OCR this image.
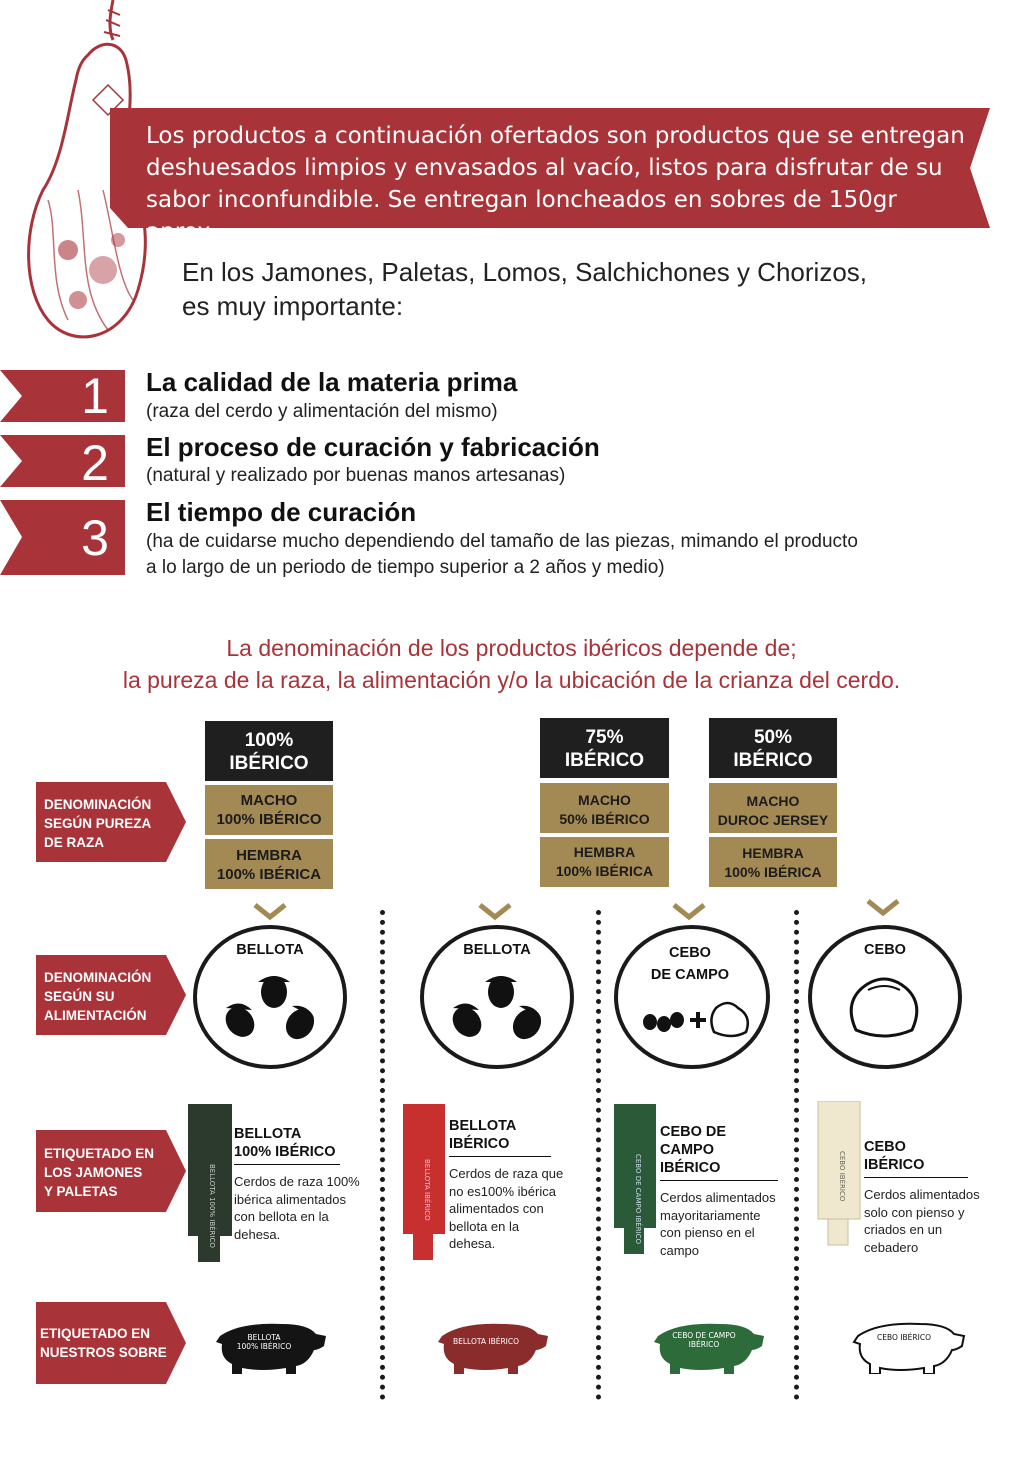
Los productos a continuación ofertados son productos que se entregan deshuesados limpios y envasados al vacío, listos para disfrutar de su sabor inconfundible. Se entregan loncheados en sobres de 150gr aprox.
En los Jamones, Paletas, Lomos, Salchichones y Chorizos,
es muy importante:
1	La calidad de la materia prima
(raza del cerdo y alimentación del mismo)
2	El proceso de curación y fabricación
(natural y realizado por buenas manos artesanas)
3	El tiempo de curación
(ha de cuidarse mucho dependiendo del tamaño de las piezas, mimando el producto
a lo largo de un periodo de tiempo superior a 2 años y medio)
La denominación de los productos ibéricos depende de;
la pureza de la raza, la alimentación y/o la ubicación de la crianza del cerdo.
DENOMINACIÓN
SEGÚN PUREZA
DE RAZA
DENOMINACIÓN
SEGÚN SU
ALIMENTACIÓN
ETIQUETADO EN
LOS JAMONES
Y PALETAS
ETIQUETADO EN
NUESTROS SOBRE
100%
IBÉRICO
MACHO
100% IBÉRICO
HEMBRA
100% IBÉRICA
75%
IBÉRICO
MACHO
50% IBÉRICO
HEMBRA
100% IBÉRICA
50%
IBÉRICO
MACHO
DUROC JERSEY
HEMBRA
100% IBÉRICA
BELLOTA	BELLOTA	CEBO
DE CAMPO
CEBO
BELLOTA 100% IBÉRICO	BELLOTA IBÉRICO	CEBO DE CAMPO IBÉRICO	CEBO IBÉRICO
BELLOTA
100% IBÉRICO
Cerdos de raza 100%
ibérica alimentados
con bellota en la
dehesa.
BELLOTA
IBÉRICO
Cerdos de raza que
no es100% ibérica
alimentados con
bellota en la
dehesa.
CEBO DE
CAMPO IBÉRICO
Cerdos alimentados
mayoritariamente
con pienso en el
campo
CEBO IBÉRICO
Cerdos alimentados
solo con pienso y
criados en un
cebadero
BELLOTA
100% IBÉRICO
BELLOTA IBÉRICO
CEBO DE CAMPO
IBÉRICO
CEBO IBÉRICO
